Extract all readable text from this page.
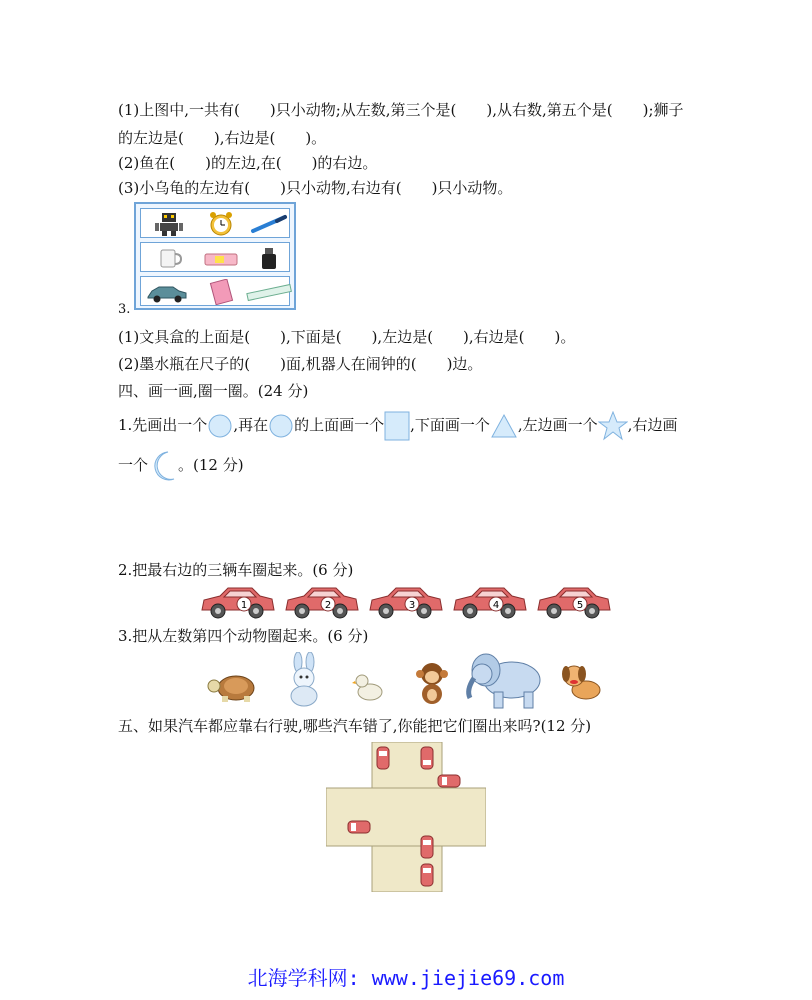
(1)上图中,一共有(　　)只小动物;从左数,第三个是(　　),从右数,第五个是(　　);狮子
的左边是(　　),右边是(　　)。
(2)鱼在(　　)的左边,在(　　)的右边。
(3)小乌龟的左边有(　　)只小动物,右边有(　　)只小动物。
3.
(1)文具盒的上面是(　　),下面是(　　),左边是(　　),右边是(　　)。
(2)墨水瓶在尺子的(　　)面,机器人在闹钟的(　　)边。
四、画一画,圈一圈。(24 分)
1.先画出一个 ,再在 的上面画一个 ,下面画一个 ,左边画一个 ,右边画
一个 。(12 分)
2.把最右边的三辆车圈起来。(6 分)
1	2	3	4	5
3.把从左数第四个动物圈起来。(6 分)
五、如果汽车都应靠右行驶,哪些汽车错了,你能把它们圈出来吗?(12 分)
北海学科网: www.jiejie69.com
